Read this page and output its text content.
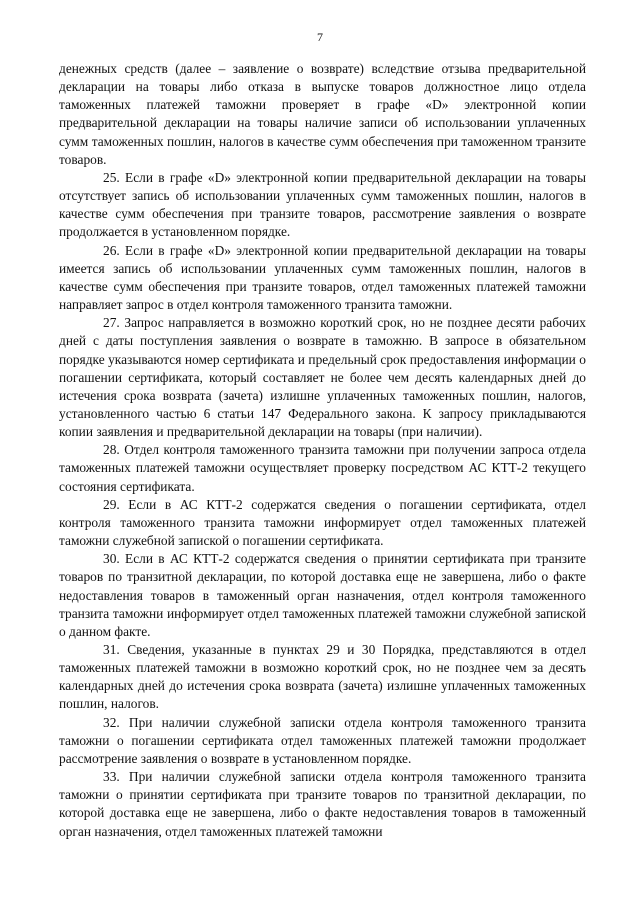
7

денежных средств (далее – заявление о возврате) вследствие отзыва предварительной декларации на товары либо отказа в выпуске товаров должностное лицо отдела таможенных платежей таможни проверяет в графе «D» электронной копии предварительной декларации на товары наличие записи об использовании уплаченных сумм таможенных пошлин, налогов в качестве сумм обеспечения при таможенном транзите товаров.

25. Если в графе «D» электронной копии предварительной декларации на товары отсутствует запись об использовании уплаченных сумм таможенных пошлин, налогов в качестве сумм обеспечения при транзите товаров, рассмотрение заявления о возврате продолжается в установленном порядке.

26. Если в графе «D» электронной копии предварительной декларации на товары имеется запись об использовании уплаченных сумм таможенных пошлин, налогов в качестве сумм обеспечения при транзите товаров, отдел таможенных платежей таможни направляет запрос в отдел контроля таможенного транзита таможни.

27. Запрос направляется в возможно короткий срок, но не позднее десяти рабочих дней с даты поступления заявления о возврате в таможню. В запросе в обязательном порядке указываются номер сертификата и предельный срок предоставления информации о погашении сертификата, который составляет не более чем десять календарных дней до истечения срока возврата (зачета) излишне уплаченных таможенных пошлин, налогов, установленного частью 6 статьи 147 Федерального закона. К запросу прикладываются копии заявления и предварительной декларации на товары (при наличии).

28. Отдел контроля таможенного транзита таможни при получении запроса отдела таможенных платежей таможни осуществляет проверку посредством АС КТТ-2 текущего состояния сертификата.

29. Если в АС КТТ-2 содержатся сведения о погашении сертификата, отдел контроля таможенного транзита таможни информирует отдел таможенных платежей таможни служебной запиской о погашении сертификата.

30. Если в АС КТТ-2 содержатся сведения о принятии сертификата при транзите товаров по транзитной декларации, по которой доставка еще не завершена, либо о факте недоставления товаров в таможенный орган назначения, отдел контроля таможенного транзита таможни информирует отдел таможенных платежей таможни служебной запиской о данном факте.

31. Сведения, указанные в пунктах 29 и 30 Порядка, представляются в отдел таможенных платежей таможни в возможно короткий срок, но не позднее чем за десять календарных дней до истечения срока возврата (зачета) излишне уплаченных таможенных пошлин, налогов.

32. При наличии служебной записки отдела контроля таможенного транзита таможни о погашении сертификата отдел таможенных платежей таможни продолжает рассмотрение заявления о возврате в установленном порядке.

33. При наличии служебной записки отдела контроля таможенного транзита таможни о принятии сертификата при транзите товаров по транзитной декларации, по которой доставка еще не завершена, либо о факте недоставления товаров в таможенный орган назначения, отдел таможенных платежей таможни
